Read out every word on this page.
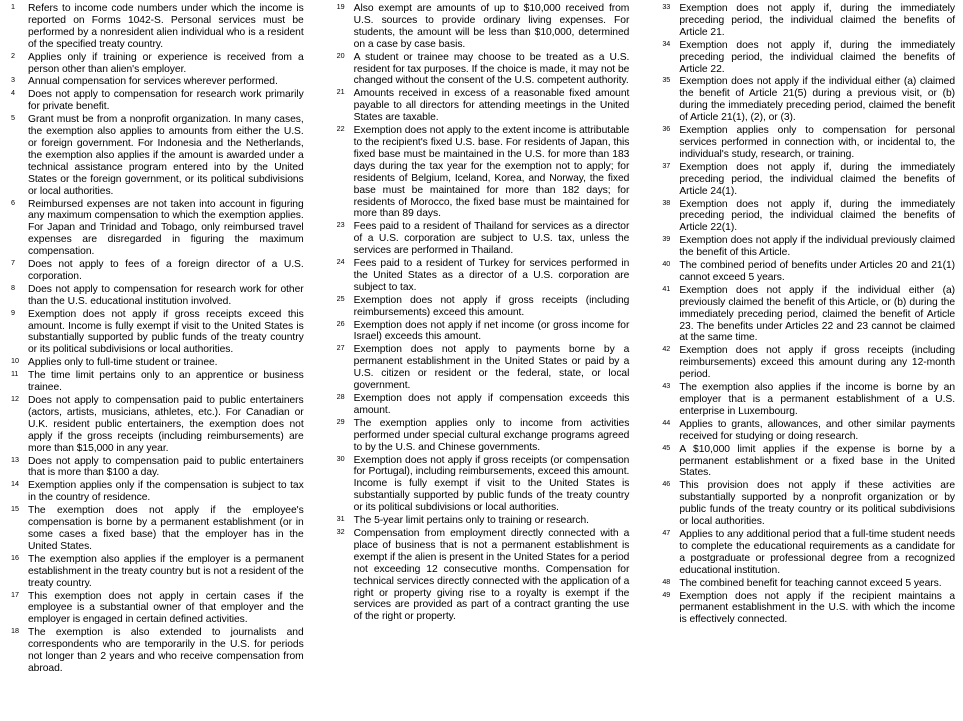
1 Refers to income code numbers under which the income is reported on Forms 1042-S. Personal services must be performed by a nonresident alien individual who is a resident of the specified treaty country.
2 Applies only if training or experience is received from a person other than alien's employer.
3 Annual compensation for services wherever performed.
4 Does not apply to compensation for research work primarily for private benefit.
5 Grant must be from a nonprofit organization. In many cases, the exemption also applies to amounts from either the U.S. or foreign government. For Indonesia and the Netherlands, the exemption also applies if the amount is awarded under a technical assistance program entered into by the United States or the foreign government, or its political subdivisions or local authorities.
6 Reimbursed expenses are not taken into account in figuring any maximum compensation to which the exemption applies. For Japan and Trinidad and Tobago, only reimbursed travel expenses are disregarded in figuring the maximum compensation.
7 Does not apply to fees of a foreign director of a U.S. corporation.
8 Does not apply to compensation for research work for other than the U.S. educational institution involved.
9 Exemption does not apply if gross receipts exceed this amount. Income is fully exempt if visit to the United States is substantially supported by public funds of the treaty country or its political subdivisions or local authorities.
10 Applies only to full-time student or trainee.
11 The time limit pertains only to an apprentice or business trainee.
12 Does not apply to compensation paid to public entertainers (actors, artists, musicians, athletes, etc.). For Canadian or U.K. resident public entertainers, the exemption does not apply if the gross receipts (including reimbursements) are more than $15,000 in any year.
13 Does not apply to compensation paid to public entertainers that is more than $100 a day.
14 Exemption applies only if the compensation is subject to tax in the country of residence.
15 The exemption does not apply if the employee's compensation is borne by a permanent establishment (or in some cases a fixed base) that the employer has in the United States.
16 The exemption also applies if the employer is a permanent establishment in the treaty country but is not a resident of the treaty country.
17 This exemption does not apply in certain cases if the employee is a substantial owner of that employer and the employer is engaged in certain defined activities.
18 The exemption is also extended to journalists and correspondents who are temporarily in the U.S. for periods not longer than 2 years and who receive compensation from abroad.
19 Also exempt are amounts of up to $10,000 received from U.S. sources to provide ordinary living expenses. For students, the amount will be less than $10,000, determined on a case by case basis.
20 A student or trainee may choose to be treated as a U.S. resident for tax purposes. If the choice is made, it may not be changed without the consent of the U.S. competent authority.
21 Amounts received in excess of a reasonable fixed amount payable to all directors for attending meetings in the United States are taxable.
22 Exemption does not apply to the extent income is attributable to the recipient's fixed U.S. base. For residents of Japan, this fixed base must be maintained in the U.S. for more than 183 days during the tax year for the exemption not to apply; for residents of Belgium, Iceland, Korea, and Norway, the fixed base must be maintained for more than 182 days; for residents of Morocco, the fixed base must be maintained for more than 89 days.
23 Fees paid to a resident of Thailand for services as a director of a U.S. corporation are subject to U.S. tax, unless the services are performed in Thailand.
24 Fees paid to a resident of Turkey for services performed in the United States as a director of a U.S. corporation are subject to tax.
25 Exemption does not apply if gross receipts (including reimbursements) exceed this amount.
26 Exemption does not apply if net income (or gross income for Israel) exceeds this amount.
27 Exemption does not apply to payments borne by a permanent establishment in the United States or paid by a U.S. citizen or resident or the federal, state, or local government.
28 Exemption does not apply if compensation exceeds this amount.
29 The exemption applies only to income from activities performed under special cultural exchange programs agreed to by the U.S. and Chinese governments.
30 Exemption does not apply if gross receipts (or compensation for Portugal), including reimbursements, exceed this amount. Income is fully exempt if visit to the United States is substantially supported by public funds of the treaty country or its political subdivisions or local authorities.
31 The 5-year limit pertains only to training or research.
32 Compensation from employment directly connected with a place of business that is not a permanent establishment is exempt if the alien is present in the United States for a period not exceeding 12 consecutive months. Compensation for technical services directly connected with the application of a right or property giving rise to a royalty is exempt if the services are provided as part of a contract granting the use of the right or property.
33 Exemption does not apply if, during the immediately preceding period, the individual claimed the benefits of Article 21.
34 Exemption does not apply if, during the immediately preceding period, the individual claimed the benefits of Article 22.
35 Exemption does not apply if the individual either (a) claimed the benefit of Article 21(5) during a previous visit, or (b) during the immediately preceding period, claimed the benefit of Article 21(1), (2), or (3).
36 Exemption applies only to compensation for personal services performed in connection with, or incidental to, the individual's study, research, or training.
37 Exemption does not apply if, during the immediately preceding period, the individual claimed the benefits of Article 24(1).
38 Exemption does not apply if, during the immediately preceding period, the individual claimed the benefits of Article 22(1).
39 Exemption does not apply if the individual previously claimed the benefit of this Article.
40 The combined period of benefits under Articles 20 and 21(1) cannot exceed 5 years.
41 Exemption does not apply if the individual either (a) previously claimed the benefit of this Article, or (b) during the immediately preceding period, claimed the benefit of Article 23. The benefits under Articles 22 and 23 cannot be claimed at the same time.
42 Exemption does not apply if gross receipts (including reimbursements) exceed this amount during any 12-month period.
43 The exemption also applies if the income is borne by an employer that is a permanent establishment of a U.S. enterprise in Luxembourg.
44 Applies to grants, allowances, and other similar payments received for studying or doing research.
45 A $10,000 limit applies if the expense is borne by a permanent establishment or a fixed base in the United States.
46 This provision does not apply if these activities are substantially supported by a nonprofit organization or by public funds of the treaty country or its political subdivisions or local authorities.
47 Applies to any additional period that a full-time student needs to complete the educational requirements as a candidate for a postgraduate or professional degree from a recognized educational institution.
48 The combined benefit for teaching cannot exceed 5 years.
49 Exemption does not apply if the recipient maintains a permanent establishment in the U.S. with which the income is effectively connected.
